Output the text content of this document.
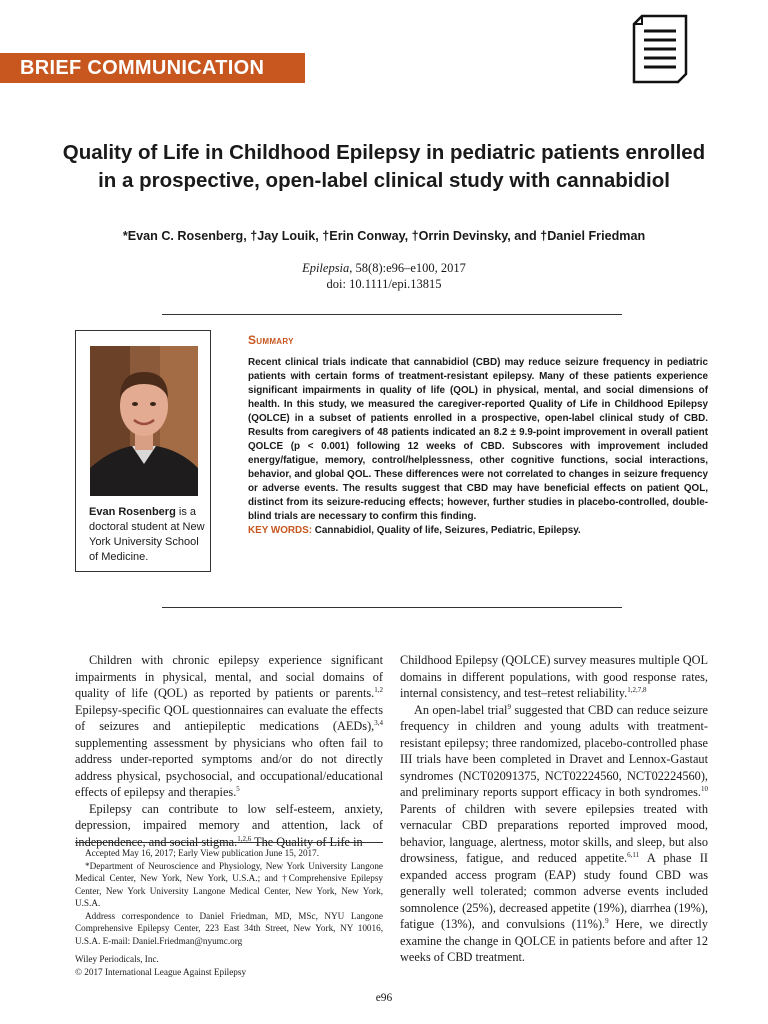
BRIEF COMMUNICATION
Quality of Life in Childhood Epilepsy in pediatric patients enrolled in a prospective, open-label clinical study with cannabidiol
*Evan C. Rosenberg, †Jay Louik, †Erin Conway, †Orrin Devinsky, and †Daniel Friedman
Epilepsia, 58(8):e96–e100, 2017
doi: 10.1111/epi.13815
Evan Rosenberg is a doctoral student at New York University School of Medicine.
Summary

Recent clinical trials indicate that cannabidiol (CBD) may reduce seizure frequency in pediatric patients with certain forms of treatment-resistant epilepsy. Many of these patients experience significant impairments in quality of life (QOL) in physical, mental, and social dimensions of health. In this study, we measured the caregiver-reported Quality of Life in Childhood Epilepsy (QOLCE) in a subset of patients enrolled in a prospective, open-label clinical study of CBD. Results from caregivers of 48 patients indicated an 8.2 ± 9.9-point improvement in overall patient QOLCE (p < 0.001) following 12 weeks of CBD. Subscores with improvement included energy/fatigue, memory, control/helplessness, other cognitive functions, social interactions, behavior, and global QOL. These differences were not correlated to changes in seizure frequency or adverse events. The results suggest that CBD may have beneficial effects on patient QOL, distinct from its seizure-reducing effects; however, further studies in placebo-controlled, double-blind trials are necessary to confirm this finding.

KEY WORDS: Cannabidiol, Quality of life, Seizures, Pediatric, Epilepsy.

Children with chronic epilepsy experience significant impairments in physical, mental, and social domains of quality of life (QOL) as reported by patients or parents.$^{1,2}$ Epilepsy-specific QOL questionnaires can evaluate the effects of seizures and antiepileptic medications (AEDs),$^{3,4}$ supplementing assessment by physicians who often fail to address under-reported symptoms and/or do not directly address physical, psychosocial, and occupational/educational effects of epilepsy and therapies.$^5$

Epilepsy can contribute to low self-esteem, anxiety, depression, impaired memory and attention, lack of independence, and social stigma.$^{1,2,6}$ The Quality of Life in

Childhood Epilepsy (QOLCE) survey measures multiple QOL domains in different populations, with good response rates, internal consistency, and test–retest reliability.$^{1,2,7,8}$

An open-label trial$^9$ suggested that CBD can reduce seizure frequency in children and young adults with treatment-resistant epilepsy; three randomized, placebo-controlled phase III trials have been completed in Dravet and Lennox-Gastaut syndromes (NCT02091375, NCT02224560, NCT02224560), and preliminary reports support efficacy in both syndromes.$^{10}$ Parents of children with severe epilepsies treated with vernacular CBD preparations reported improved mood, behavior, language, alertness, motor skills, and sleep, but also drowsiness, fatigue, and reduced appetite.$^{6,11}$ A phase II expanded access program (EAP) study found CBD was generally well tolerated; common adverse events included somnolence (25%), decreased appetite (19%), diarrhea (19%), fatigue (13%), and convulsions (11%).$^9$ Here, we directly examine the change in QOLCE in patients before and after 12 weeks of CBD treatment.

Accepted May 16, 2017; Early View publication June 15, 2017.

*Department of Neuroscience and Physiology, New York University Langone Medical Center, New York, New York, U.S.A.; and †Comprehensive Epilepsy Center, New York University Langone Medical Center, New York, New York, U.S.A.

Address correspondence to Daniel Friedman, MD, MSc, NYU Langone Comprehensive Epilepsy Center, 223 East 34th Street, New York, NY 10016, U.S.A. E-mail: Daniel.Friedman@nyumc.org

Wiley Periodicals, Inc.

© 2017 International League Against Epilepsy

e96
